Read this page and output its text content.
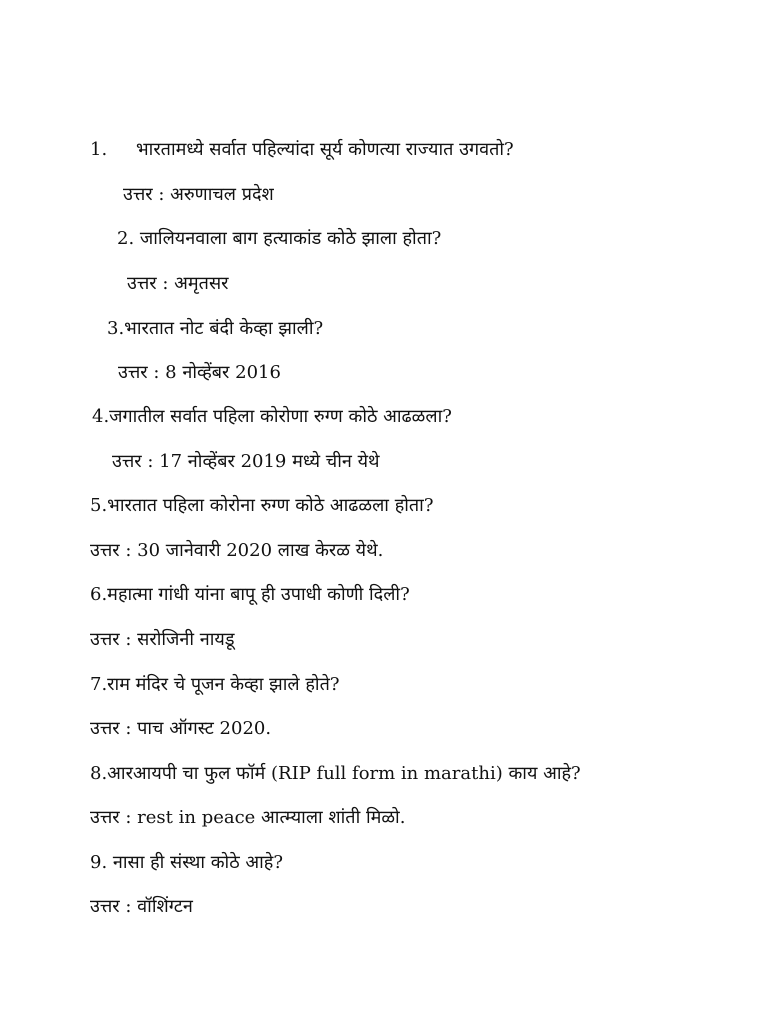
1. भारतामध्ये सर्वात पहिल्यांदा सूर्य कोणत्या राज्यात उगवतो?
उत्तर : अरुणाचल प्रदेश
2. जालियनवाला बाग हत्याकांड कोठे झाला होता?
उत्तर : अमृतसर
3.भारतात नोट बंदी केव्हा झाली?
उत्तर : 8 नोव्हेंबर 2016
4.जगातील सर्वात पहिला कोरोणा रुग्ण कोठे आढळला?
उत्तर : 17 नोव्हेंबर 2019 मध्ये चीन येथे
5.भारतात पहिला कोरोना रुग्ण कोठे आढळला होता?
उत्तर : 30 जानेवारी 2020 लाख केरळ येथे.
6.महात्मा गांधी यांना बापू ही उपाधी कोणी दिली?
उत्तर : सरोजिनी नायडू
7.राम मंदिर चे पूजन केव्हा झाले होते?
उत्तर : पाच ऑगस्ट 2020.
8.आरआयपी चा फुल फॉर्म (RIP full form in marathi) काय आहे?
उत्तर : rest in peace आत्म्याला शांती मिळो.
9. नासा ही संस्था कोठे आहे?
उत्तर : वॉशिंग्टन
